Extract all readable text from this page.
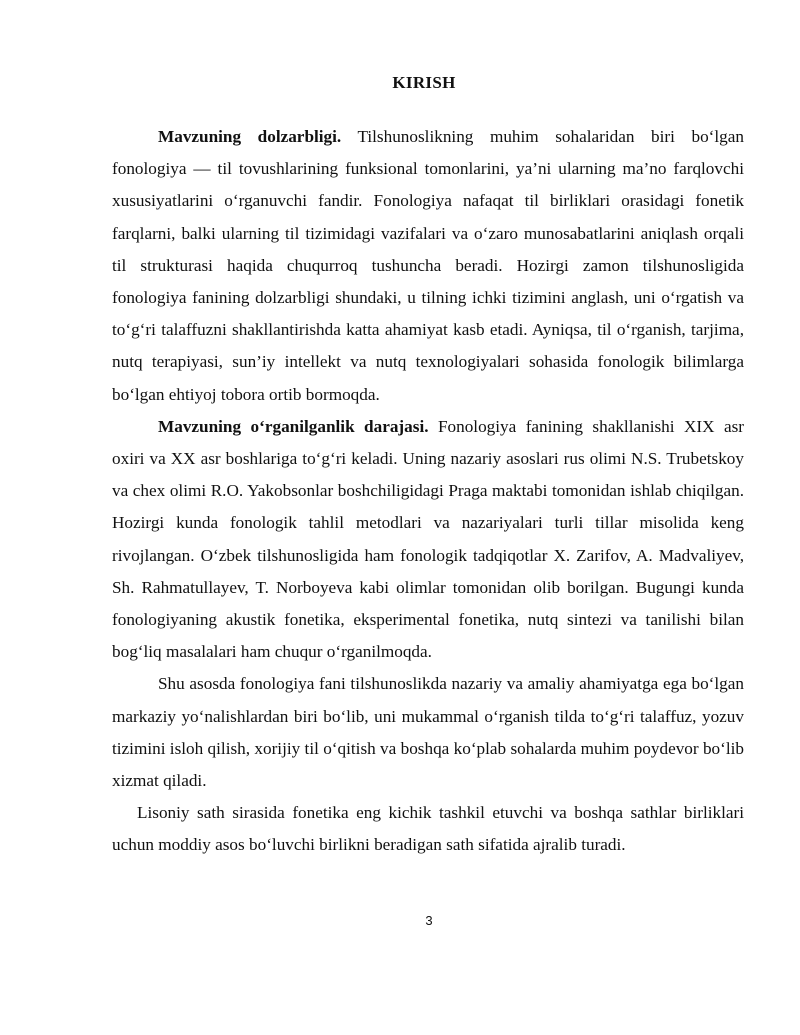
KIRISH

Mavzuning dolzarbligi. Tilshunoslikning muhim sohalaridan biri bo‘lgan fonologiya — til tovushlarining funksional tomonlarini, ya’ni ularning ma’no farqlovchi xususiyatlarini o‘rganuvchi fandir. Fonologiya nafaqat til birliklari orasidagi fonetik farqlarni, balki ularning til tizimidagi vazifalari va o‘zaro munosabatlarini aniqlash orqali til strukturasi haqida chuqurroq tushuncha beradi. Hozirgi zamon tilshunosligida fonologiya fanining dolzarbligi shundaki, u tilning ichki tizimini anglash, uni o‘rgatish va to‘g‘ri talaffuzni shakllantirishda katta ahamiyat kasb etadi. Ayniqsa, til o‘rganish, tarjima, nutq terapiyasi, sun’iy intellekt va nutq texnologiyalari sohasida fonologik bilimlarga bo‘lgan ehtiyoj tobora ortib bormoqda.

Mavzuning o‘rganilganlik darajasi. Fonologiya fanining shakllanishi XIX asr oxiri va XX asr boshlariga to‘g‘ri keladi. Uning nazariy asoslari rus olimi N.S. Trubetskoy va chex olimi R.O. Yakobsonlar boshchiligidagi Praga maktabi tomonidan ishlab chiqilgan. Hozirgi kunda fonologik tahlil metodlari va nazariyalari turli tillar misolida keng rivojlangan. O‘zbek tilshunosligida ham fonologik tadqiqotlar X. Zarifov, A. Madvaliyev, Sh. Rahmatullayev, T. Norboyeva kabi olimlar tomonidan olib borilgan. Bugungi kunda fonologiyaning akustik fonetika, eksperimental fonetika, nutq sintezi va tanilishi bilan bog‘liq masalalari ham chuqur o‘rganilmoqda.

Shu asosda fonologiya fani tilshunoslikda nazariy va amaliy ahamiyatga ega bo‘lgan markaziy yo‘nalishlardan biri bo‘lib, uni mukammal o‘rganish tilda to‘g‘ri talaffuz, yozuv tizimini isloh qilish, xorijiy til o‘qitish va boshqa ko‘plab sohalarda muhim poydevor bo‘lib xizmat qiladi.

Lisoniy sath sirasida fonetika eng kichik tashkil etuvchi va boshqa sathlar birliklari uchun moddiy asos bo‘luvchi birlikni beradigan sath sifatida ajralib turadi.

3
